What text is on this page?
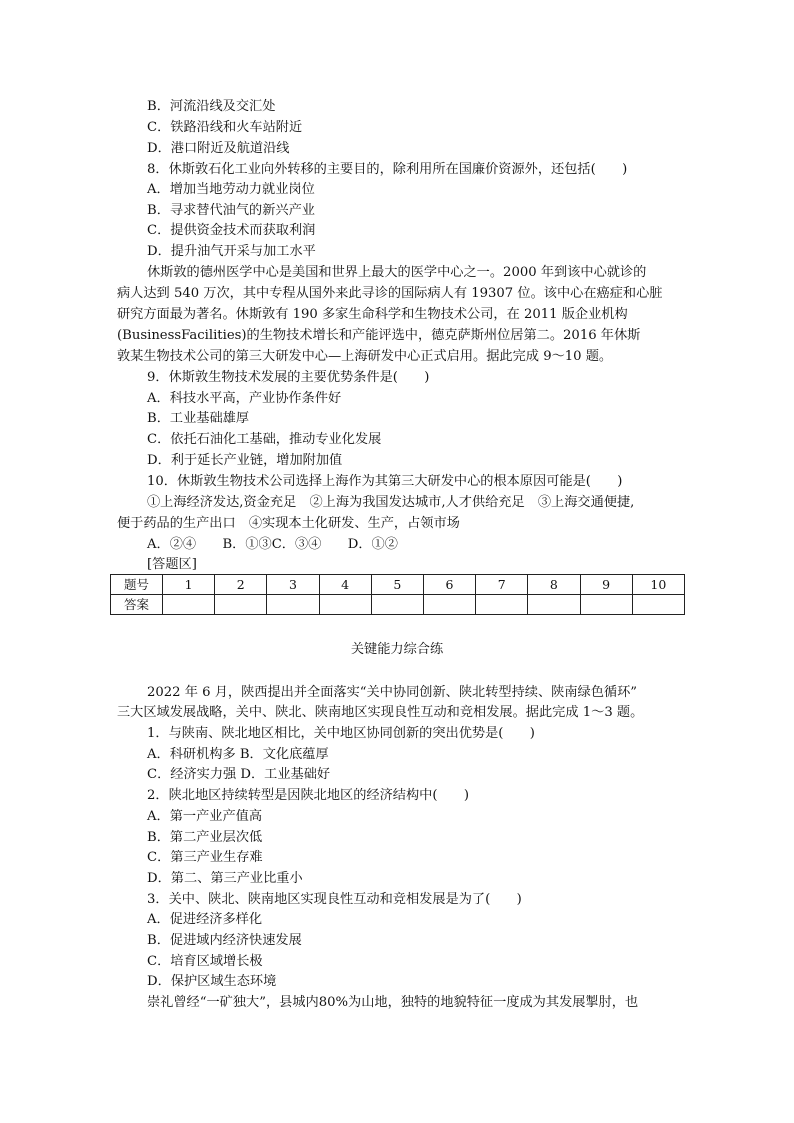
B．河流沿线及交汇处
C．铁路沿线和火车站附近
D．港口附近及航道沿线
8．休斯敦石化工业向外转移的主要目的，除利用所在国廉价资源外，还包括(　　)
A．增加当地劳动力就业岗位
B．寻求替代油气的新兴产业
C．提供资金技术而获取利润
D．提升油气开采与加工水平
休斯敦的德州医学中心是美国和世界上最大的医学中心之一。2000 年到该中心就诊的
病人达到 540 万次，其中专程从国外来此寻诊的国际病人有 19307 位。该中心在癌症和心脏
研究方面最为著名。休斯敦有 190 多家生命科学和生物技术公司，在 2011 版企业机构
(BusinessFacilities)的生物技术增长和产能评选中，德克萨斯州位居第二。2016 年休斯
敦某生物技术公司的第三大研发中心—上海研发中心正式启用。据此完成 9～10 题。
9．休斯敦生物技术发展的主要优势条件是(　　)
A．科技水平高，产业协作条件好
B．工业基础雄厚
C．依托石油化工基础，推动专业化发展
D．利于延长产业链，增加附加值
10．休斯敦生物技术公司选择上海作为其第三大研发中心的根本原因可能是(　　)
①上海经济发达,资金充足　②上海为我国发达城市,人才供给充足　③上海交通便捷,
便于药品的生产出口　④实现本土化研发、生产，占领市场
A．②④　　B．①③C．③④　　D．①②
[答题区]
题号	1	2	3	4	5	6	7	8	9	10
答案										
关键能力综合练
2022 年 6 月，陕西提出并全面落实“关中协同创新、陕北转型持续、陕南绿色循环”
三大区域发展战略，关中、陕北、陕南地区实现良性互动和竞相发展。据此完成 1～3 题。
1．与陕南、陕北地区相比，关中地区协同创新的突出优势是(　　)
A．科研机构多 B．文化底蕴厚
C．经济实力强 D．工业基础好
2．陕北地区持续转型是因陕北地区的经济结构中(　　)
A．第一产业产值高
B．第二产业层次低
C．第三产业生存难
D．第二、第三产业比重小
3．关中、陕北、陕南地区实现良性互动和竞相发展是为了(　　)
A．促进经济多样化
B．促进域内经济快速发展
C．培育区域增长极
D．保护区域生态环境
崇礼曾经“一矿独大”，县城内80%为山地，独特的地貌特征一度成为其发展掣肘，也
